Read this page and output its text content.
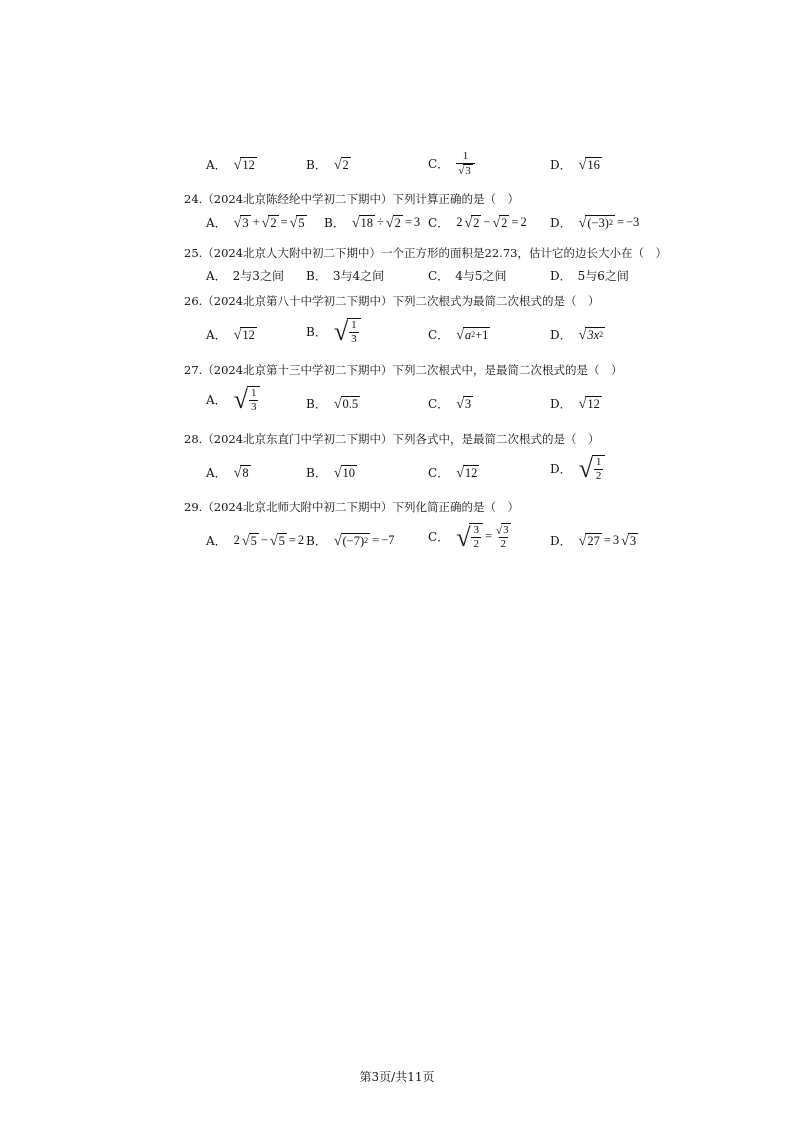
A． √ 12	B． √ 2	C． $\frac{1}{√ 3}$	D． √ 16
24.（2024北京陈经纶中学初二下期中）下列计算正确的是（　）
A． √ 3 + √ 2 = √ 5 B． √ 18 ÷ √ 2 = 3 C． 2 √ 2 − √ 2 = 2 D． √ (−3) 2 = −3
25.（2024北京人大附中初二下期中）一个正方形的面积是22.73，估计它的边长大小在（　）
A． 2与3之间 B． 3与4之间	C． 4与5之间	D． 5与6之间
26.（2024北京第八十中学初二下期中）下列二次根式为最简二次根式的是（　）
A． √ 12	B． √ $\frac{1}{3}$	C． √ a 2 +1	D． √ 3x 2
27.（2024北京第十三中学初二下期中）下列二次根式中，是最简二次根式的是（　）
A． √ $\frac{1}{3}$	B． √ 0.5	C． √ 3	D． √ 12
28.（2024北京东直门中学初二下期中）下列各式中，是最简二次根式的是（　）
A． √ 8	B． √ 10	C． √ 12	D． √ $\frac{1}{2}$
29.（2024北京北师大附中初二下期中）下列化简正确的是（　）
A． 2 √ 5 − √ 5 = 2 B． √ (−7) 2 = −7	C． √ $\frac{3}{2} = \frac{√ 3}{2}$	D． √ 27 = 3 √ 3
第3页/共11页
